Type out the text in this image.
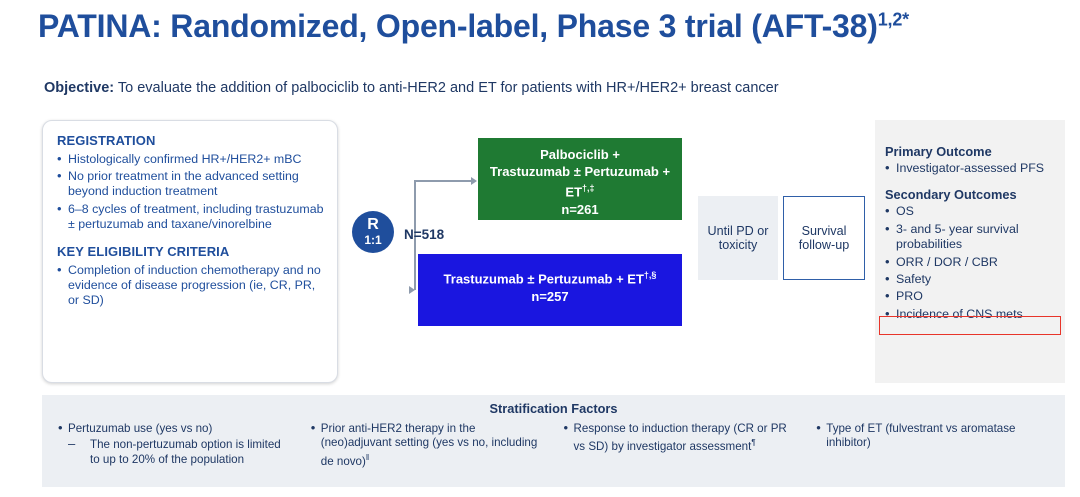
PATINA: Randomized, Open-label, Phase 3 trial $(AFT-38)^{1,2*}$
Objective: To evaluate the addition of palbociclib to anti-HER2 and ET for patients with HR+/HER2+ breast cancer
REGISTRATION
• Histologically confirmed HR+/HER2+ mBC
• No prior treatment in the advanced setting beyond induction treatment
• 6–8 cycles of treatment, including trastuzumab ± pertuzumab and taxane/vinorelbine
KEY ELIGIBILITY CRITERIA
• Completion of induction chemotherapy and no evidence of disease progression (ie, CR, PR, or SD)
R
1:1	N=518
Palbociclib +
Trastuzumab ± Pertuzumab + ET†,‡
n=261
Trastuzumab ± Pertuzumab + ET†,§
n=257
Until PD or toxicity
Survival follow-up
Primary Outcome
• Investigator-assessed PFS
Secondary Outcomes
• OS
• 3- and 5- year survival probabilities
• ORR / DOR / CBR
• Safety
• PRO
• Incidence of CNS mets
Stratification Factors
• Pertuzumab use (yes vs no)
– The non-pertuzumab option is limited to up to 20% of the population
• Prior anti-HER2 therapy in the (neo)adjuvant setting (yes vs no, including de novo)‖
• Response to induction therapy (CR or PR vs SD) by investigator assessment¶
• Type of ET (fulvestrant vs aromatase inhibitor)
